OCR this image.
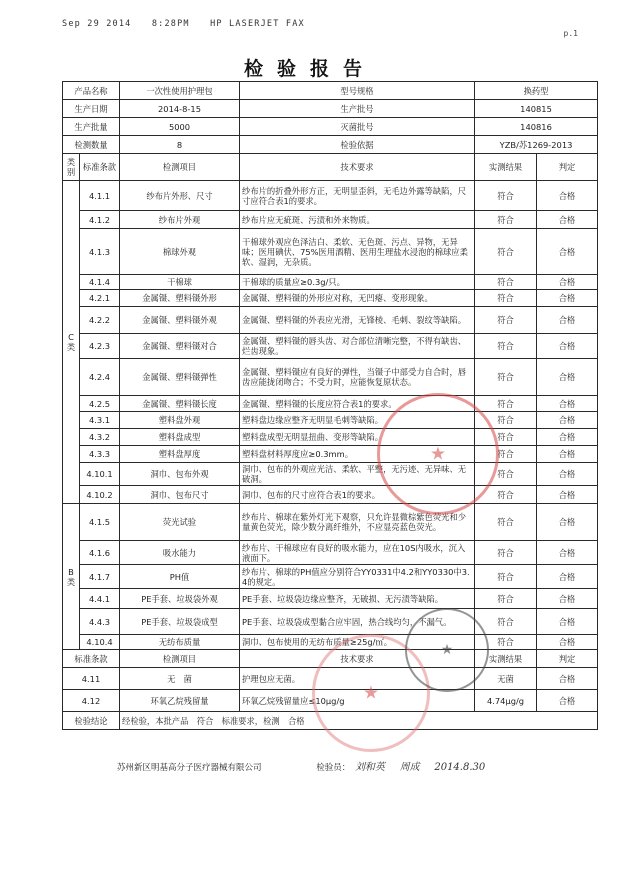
Sep 29 2014 8:28PM HP LASERJET FAX
p.1
检验报告
产品名称		一次性使用护理包	型号规格	换药型	
生产日期		2014-8-15	生产批号	140815	
生产批量		5000	灭菌批号	140816	
检测数量		8	检验依据	YZB/苏1269-2013	
类别	标准条款	检测项目	技术要求	实测结果	判定
C类	4.1.1	纱布片外形、尺寸	纱布片的折叠外形方正，无明显歪斜，无毛边外露等缺陷，尺寸应符合表1的要求。	符合	合格
	4.1.2	纱布片外观	纱布片应无疵斑、污渍和外来物质。	符合	合格
	4.1.3	棉球外观	干棉球外观应色泽洁白、柔软、无色斑、污点、异物，无异味；医用碘伏、75%医用酒精、医用生理盐水浸泡的棉球应柔软、湿润，无杂质。	符合	合格
	4.1.4	干棉球	干棉球的质量应≥0.3g/只。	符合	合格
	4.2.1	金属镊、塑料镊外形	金属镊、塑料镊的外形应对称，无凹瘪、变形现象。	符合	合格
	4.2.2	金属镊、塑料镊外观	金属镊、塑料镊的外表应光滑，无锋棱、毛刺、裂纹等缺陷。	符合	合格
	4.2.3	金属镊、塑料镊对合	金属镊、塑料镊的唇头齿、对合部位清晰完整，不得有缺齿、烂齿现象。	符合	合格
	4.2.4	金属镊、塑料镊弹性	金属镊、塑料镊应有良好的弹性，当镊子中部受力自合时，唇齿应能拢闭吻合；不受力时，应能恢复原状态。	符合	合格
	4.2.5	金属镊、塑料镊长度	金属镊、塑料镊的长度应符合表1的要求。	符合	合格
	4.3.1	塑料盘外观	塑料盘边缘应整齐无明显毛刺等缺陷。	符合	合格
	4.3.2	塑料盘成型	塑料盘成型无明显扭曲、变形等缺陷。	符合	合格
	4.3.3	塑料盘厚度	塑料盘材料厚度应≥0.3mm。	符合	合格
	4.10.1	洞巾、包布外观	洞巾、包布的外观应光洁、柔软、平整，无污迹、无异味、无破洞。	符合	合格
	4.10.2	洞巾、包布尺寸	洞巾、包布的尺寸应符合表1的要求。	符合	合格
B类	4.1.5	荧光试验	纱布片、棉球在紫外灯光下观察，只允许显微棕紫色荧光和少量黄色荧光，除少数分离纤维外，不应显亮蓝色荧光。	符合	合格
	4.1.6	吸水能力	纱布片、干棉球应有良好的吸水能力，应在10S内吸水，沉入液面下。	符合	合格
	4.1.7	PH值	纱布片、棉球的PH值应分别符合YY0331中4.2和YY0330中3.4的规定。	符合	合格
	4.4.1	PE手套、垃圾袋外观	PE手套、垃圾袋边缘应整齐，无破损、无污渍等缺陷。	符合	合格
	4.4.3	PE手套、垃圾袋成型	PE手套、垃圾袋成型黏合应牢固，热合线均匀，不漏气。	符合	合格
	4.10.4	无纺布质量	洞巾、包布使用的无纺布质量≥25g/㎡。	符合	合格
标准条款		检测项目	技术要求	实测结果	判定
4.11		无　菌	护理包应无菌。	无菌	合格
4.12		环氧乙烷残留量	环氧乙烷残留量应≤10μg/g	4.74μg/g	合格
检验结论		经检验，本批产品　符合　标准要求，检测　合格			
★
★
★
苏州新区明基高分子医疗器械有限公司	检验员： 刘和英 周成 2014.8.30
